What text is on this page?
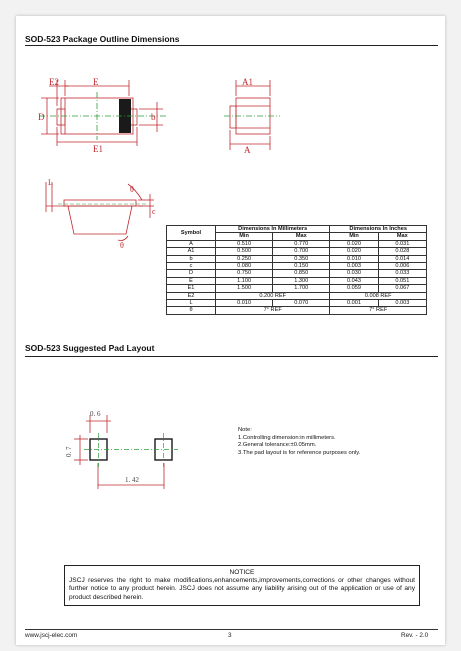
SOD-523 Package Outline Dimensions
E2	E
D
E1
b
A1
A
L
θ
c
θ
Symbol	Dimensions In Millimeters		Dimensions In Inches	
	Min	Max	Min	Max
A	0.510	0.770	0.020	0.031
A1	0.500	0.700	0.020	0.028
b	0.250	0.350	0.010	0.014
c	0.080	0.150	0.003	0.006
D	0.750	0.850	0.030	0.033
E	1.100	1.300	0.043	0.051
E1	1.500	1.700	0.059	0.067
E2	0.200 REF		0.008 REF	
L	0.010	0.070	0.001	0.003
θ	7° REF		7° REF	
SOD-523 Suggested Pad Layout
0. 6
1. 42
0. 7
Note:
1.Controlling dimension:in millimeters.
2.General tolerance:±0.05mm.
3.The pad layout is for reference purposes only.
NOTICE
JSCJ reserves the right to make modifications,enhancements,improvements,corrections or other changes without further notice to any product herein. JSCJ does not assume any liability arising out of the application or use of any product described herein.
www.jscj-elec.com	3	Rev. - 2.0
